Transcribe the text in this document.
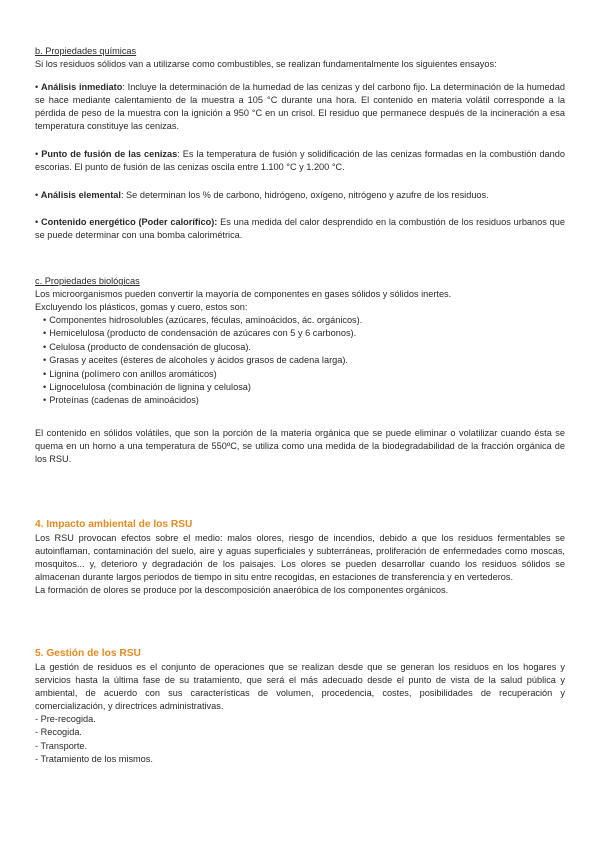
b. Propiedades químicas

Si los residuos sólidos van a utilizarse como combustibles, se realizan fundamentalmente los siguientes ensayos:

• Análisis inmediato: Incluye la determinación de la humedad de las cenizas y del carbono fijo. La determinación de la humedad se hace mediante calentamiento de la muestra a 105 °C durante una hora. El contenido en materia volátil corresponde a la pérdida de peso de la muestra con la ignición a 950 °C en un crisol. El residuo que permanece después de la incineración a esa temperatura constituye las cenizas.

• Punto de fusión de las cenizas: Es la temperatura de fusión y solidificación de las cenizas formadas en la combustión dando escorias. El punto de fusión de las cenizas oscila entre 1.100 °C y 1.200 °C.

• Análisis elemental: Se determinan los % de carbono, hidrógeno, oxígeno, nitrógeno y azufre de los residuos.

• Contenido energético (Poder calorífico): Es una medida del calor desprendido en la combustión de los residuos urbanos que se puede determinar con una bomba calorimétrica.

c. Propiedades biológicas

Los microorganismos pueden convertir la mayoría de componentes en gases sólidos y sólidos inertes.

Excluyendo los plásticos, gomas y cuero, estos son:

• Componentes hidrosolubles (azúcares, féculas, aminoácidos, ác. orgánicos).
• Hemicelulosa (producto de condensación de azúcares con 5 y 6 carbonos).
• Celulosa (producto de condensación de glucosa).
• Grasas y aceites (ésteres de alcoholes y ácidos grasos de cadena larga).
• Lignina (polímero con anillos aromáticos)
• Lignocelulosa (combinación de lignina y celulosa)
• Proteínas (cadenas de aminoácidos)

El contenido en sólidos volátiles, que son la porción de la materia orgánica que se puede eliminar o volatilizar cuando ésta se quema en un horno a una temperatura de 550ºC, se utiliza como una medida de la biodegradabilidad de la fracción orgánica de los RSU.

4. Impacto ambiental de los RSU

Los RSU provocan efectos sobre el medio: malos olores, riesgo de incendios, debido a que los residuos fermentables se autoinflaman, contaminación del suelo, aire y aguas superficiales y subterráneas, proliferación de enfermedades como moscas, mosquitos... y, deterioro y degradación de los paisajes. Los olores se pueden desarrollar cuando los residuos sólidos se almacenan durante largos periodos de tiempo in situ entre recogidas, en estaciones de transferencia y en vertederos.

La formación de olores se produce por la descomposición anaeróbica de los componentes orgánicos.

5. Gestión de los RSU

La gestión de residuos es el conjunto de operaciones que se realizan desde que se generan los residuos en los hogares y servicios hasta la última fase de su tratamiento, que será el más adecuado desde el punto de vista de la salud pública y ambiental, de acuerdo con sus características de volumen, procedencia, costes, posibilidades de recuperación y comercialización, y directrices administrativas.

- Pre-recogida.
- Recogida.
- Transporte.
- Tratamiento de los mismos.
